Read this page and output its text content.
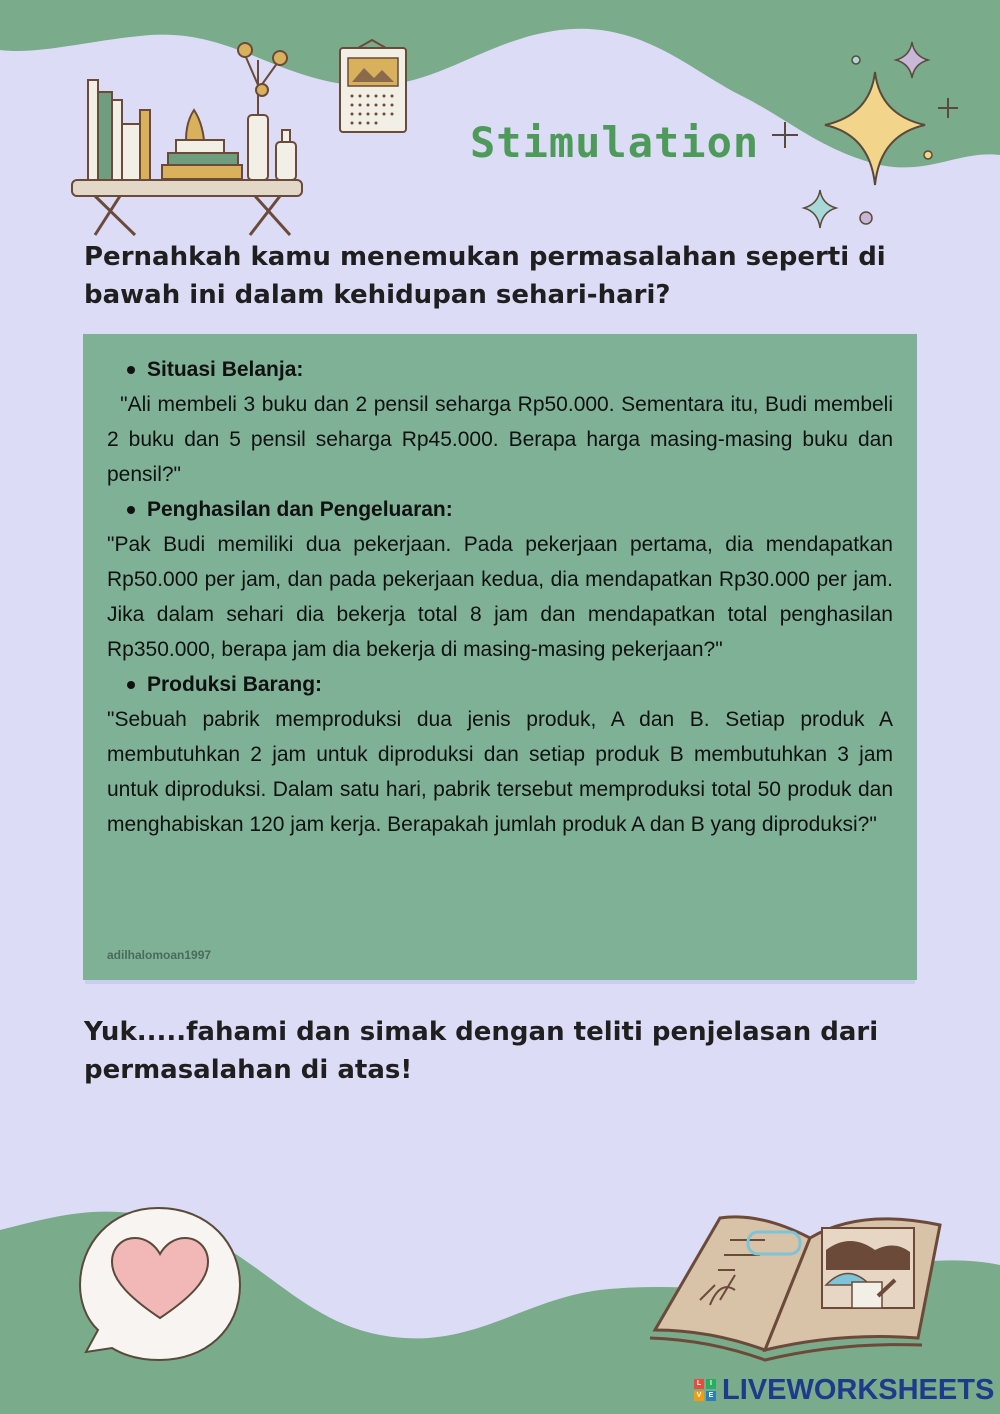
Stimulation

Pernahkah kamu menemukan permasalahan seperti di bawah ini dalam kehidupan sehari-hari?

Situasi Belanja:

"Ali membeli 3 buku dan 2 pensil seharga Rp50.000. Sementara itu, Budi membeli 2 buku dan 5 pensil seharga Rp45.000. Berapa harga masing-masing buku dan pensil?"

Penghasilan dan Pengeluaran:

"Pak Budi memiliki dua pekerjaan. Pada pekerjaan pertama, dia mendapatkan Rp50.000 per jam, dan pada pekerjaan kedua, dia mendapatkan Rp30.000 per jam. Jika dalam sehari dia bekerja total 8 jam dan mendapatkan total penghasilan Rp350.000, berapa jam dia bekerja di masing-masing pekerjaan?"

Produksi Barang:

"Sebuah pabrik memproduksi dua jenis produk, A dan B. Setiap produk A membutuhkan 2 jam untuk diproduksi dan setiap produk B membutuhkan 3 jam untuk diproduksi. Dalam satu hari, pabrik tersebut memproduksi total 50 produk dan menghabiskan 120 jam kerja. Berapakah jumlah produk A dan B yang diproduksi?"

adilhalomoan1997

Yuk.....fahami dan simak dengan teliti penjelasan dari permasalahan di atas!

L	I
V	E LIVEWORKSHEETS
